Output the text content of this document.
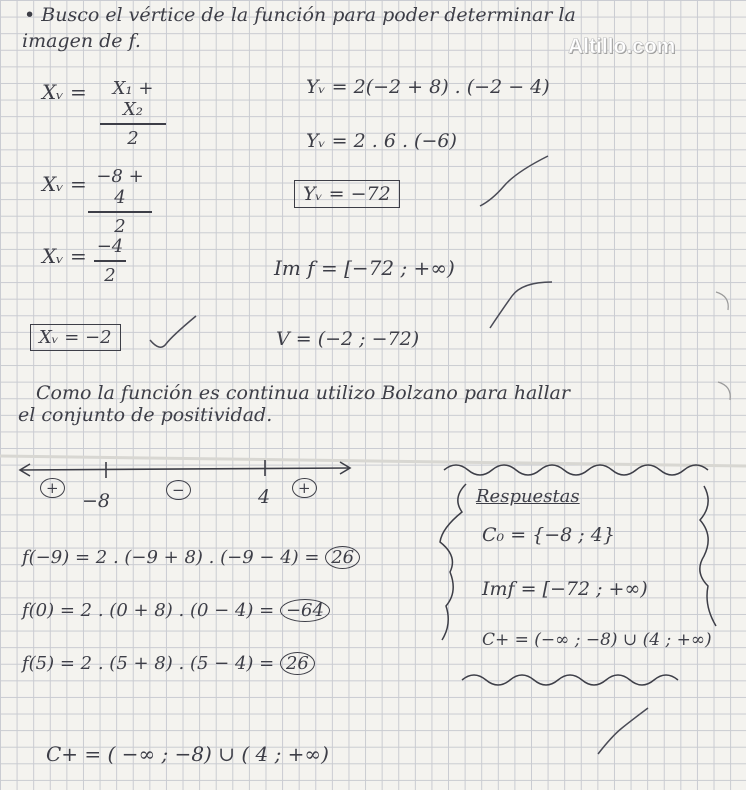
Altillo.com
• Busco el vértice de la función para poder determinar la
imagen de f.
Xᵥ =	X₁ + X₂
2
Xᵥ = −8 + 4
2
Xᵥ = −4
2
Xᵥ = −2
Yᵥ = 2(−2 + 8) . (−2 − 4)
Yᵥ = 2 . 6 . (−6)
Yᵥ = −72
Im f = [−72 ; +∞)
V = (−2 ; −72)
Como la función es continua utilizo Bolzano para hallar
el conjunto de positividad.
+	−	+
−8	4
f(−9) = 2 . (−9 + 8) . (−9 − 4) = 26
f(0) = 2 . (0 + 8) . (0 − 4) = −64
f(5) = 2 . (5 + 8) . (5 − 4) = 26
Respuestas
C₀ = {−8 ; 4}
Imf = [−72 ; +∞)
C+ = (−∞ ; −8) ∪ (4 ; +∞)
C+ = ( −∞ ; −8) ∪ ( 4 ; +∞)
